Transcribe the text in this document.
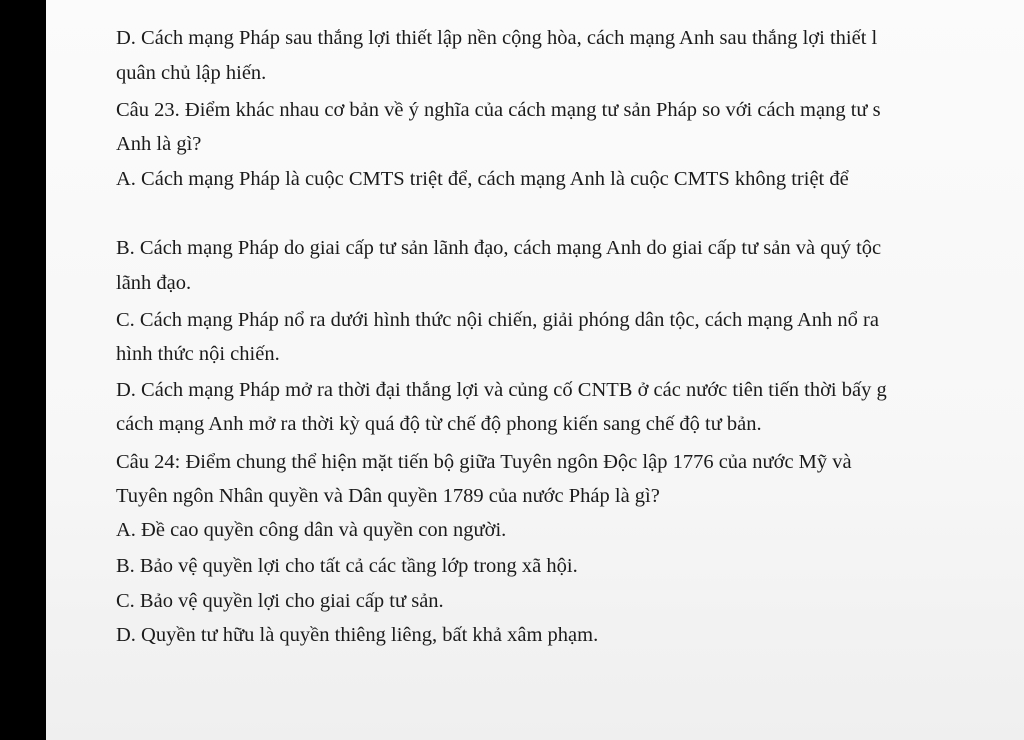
D. Cách mạng Pháp sau thắng lợi thiết lập nền cộng hòa, cách mạng Anh sau thắng lợi thiết l
quân chủ lập hiến.
Câu 23. Điểm khác nhau cơ bản về ý nghĩa của cách mạng tư sản Pháp so với cách mạng tư s
Anh là gì?
A. Cách mạng Pháp là cuộc CMTS triệt để, cách mạng Anh là cuộc CMTS không triệt để
B. Cách mạng Pháp do giai cấp tư sản lãnh đạo, cách mạng Anh do giai cấp tư sản và quý tộc
lãnh đạo.
C. Cách mạng Pháp nổ ra dưới hình thức nội chiến, giải phóng dân tộc, cách mạng Anh nổ ra
hình thức nội chiến.
D. Cách mạng Pháp mở ra thời đại thắng lợi và củng cố CNTB ở các nước tiên tiến thời bấy g
cách mạng Anh mở ra thời kỳ quá độ từ chế độ phong kiến sang chế độ tư bản.
Câu 24: Điểm chung thể hiện mặt tiến bộ giữa Tuyên ngôn Độc lập 1776 của nước Mỹ và
Tuyên ngôn Nhân quyền và Dân quyền 1789 của nước Pháp là gì?
A. Đề cao quyền công dân và quyền con người.
B. Bảo vệ quyền lợi cho tất cả các tầng lớp trong xã hội.
C. Bảo vệ quyền lợi cho giai cấp tư sản.
D. Quyền tư hữu là quyền thiêng liêng, bất khả xâm phạm.
